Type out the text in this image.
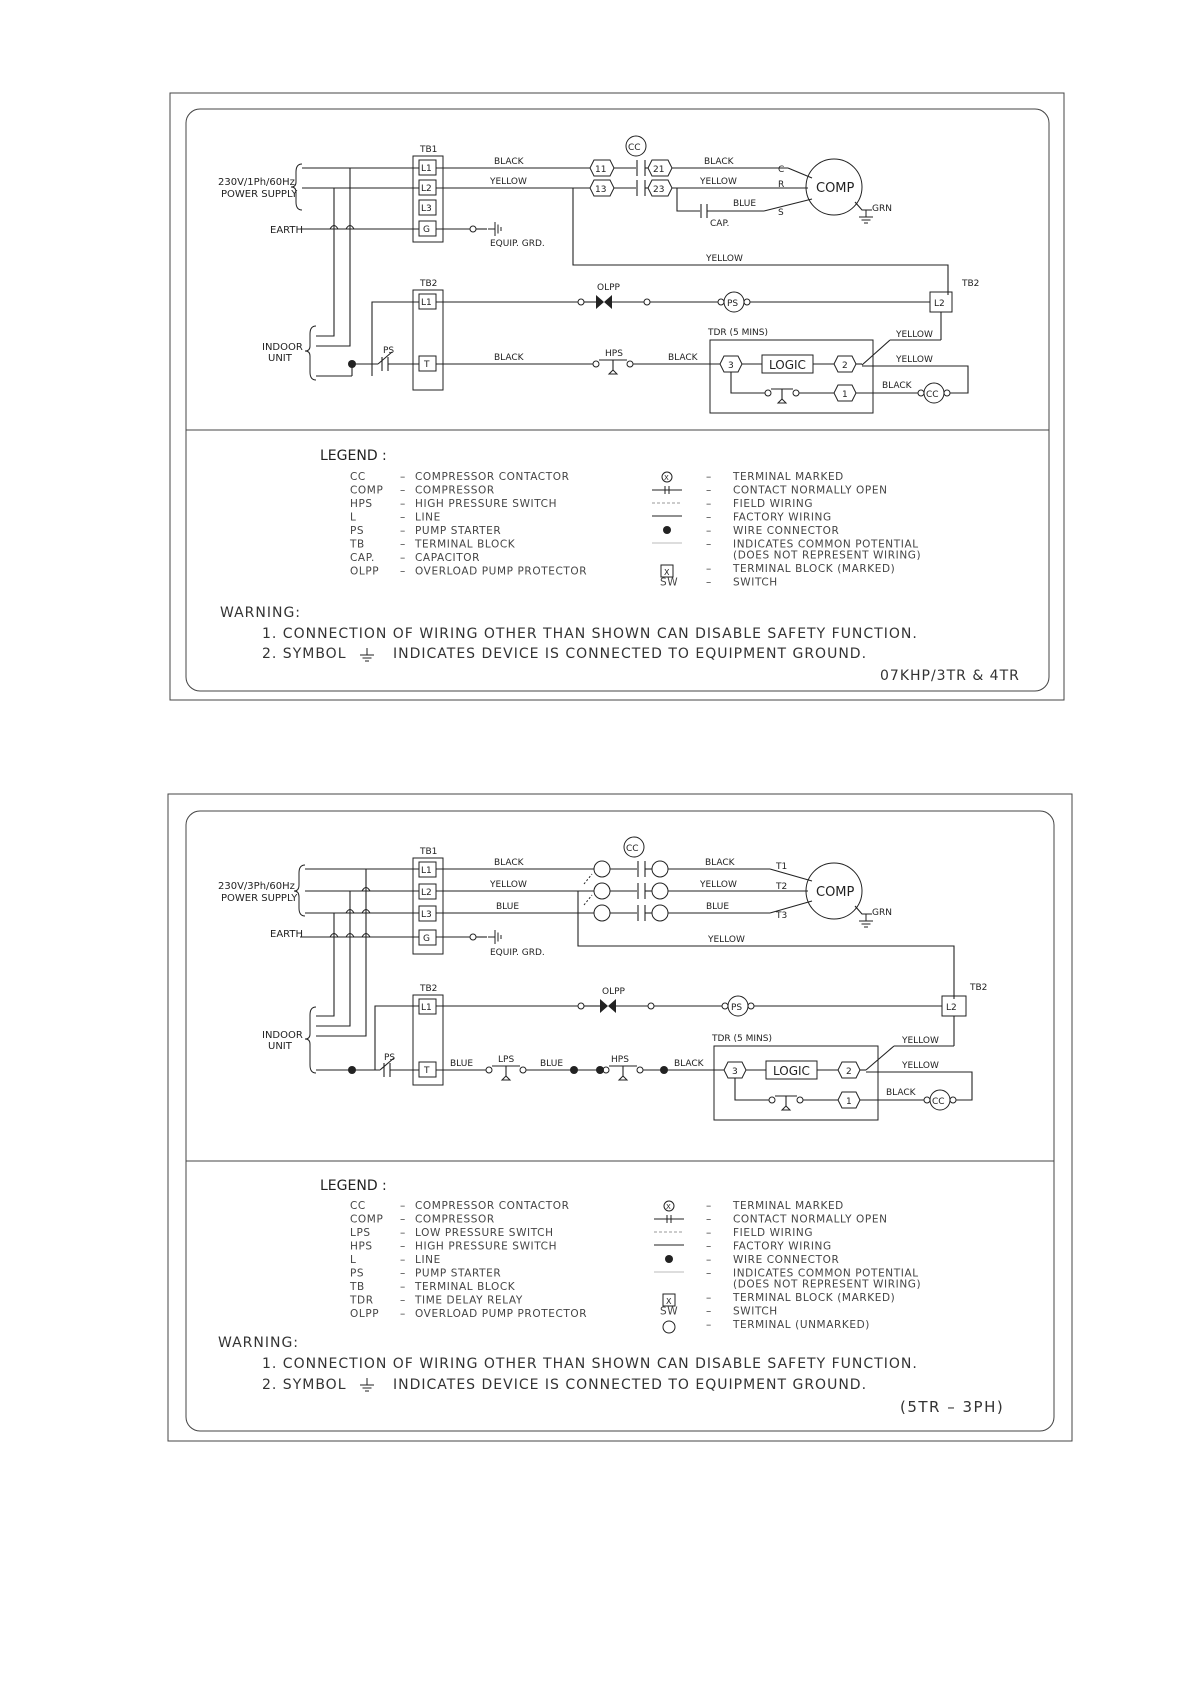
230V/1Ph/60Hz
POWER SUPPLY
EARTH
INDOOR
UNIT
TB1
L1
L2
L3
G
EQUIP. GRD.
CC
BLACK
11	21
BLACK
C
YELLOW
13	23
YELLOW	R
BLUE
CAP.
S
COMP
GRN
YELLOW
TB2
L1
T
OLPP
PS	L2
TB2
YELLOW
PS
BLACK	HPS	BLACK
TDR (5 MINS)
3	LOGIC	2
1
BLACK
CC
YELLOW
LEGEND :
CC	– COMPRESSOR CONTACTOR
COMP – COMPRESSOR
HPS	– HIGH PRESSURE SWITCH
L	– LINE
PS	– PUMP STARTER
TB	– TERMINAL BLOCK
CAP. – CAPACITOR
OLPP – OVERLOAD PUMP PROTECTOR
– TERMINAL MARKED
– CONTACT NORMALLY OPEN
– FIELD WIRING
– FACTORY WIRING
– WIRE CONNECTOR
– INDICATES COMMON POTENTIAL
(DOES NOT REPRESENT WIRING)
– TERMINAL BLOCK (MARKED)
SW	– SWITCH
X
X
WARNING:
1. CONNECTION OF WIRING OTHER THAN SHOWN CAN DISABLE SAFETY FUNCTION.
2. SYMBOL	INDICATES DEVICE IS CONNECTED TO EQUIPMENT GROUND.
07KHP/3TR & 4TR
230V/3Ph/60Hz
POWER SUPPLY
EARTH
INDOOR
UNIT
TB1
L1
L2
L3
G
EQUIP. GRD.
CC
BLACK
YELLOW
BLUE
BLACK
YELLOW
BLUE
T1
T2
T3
COMP
GRN
YELLOW
TB2
L1
T
OLPP
PS	L2
TB2
YELLOW
PS
BLUE	LPS	BLUE	HPS	BLACK
TDR (5 MINS)
3	LOGIC	2
1
BLACK
CC
YELLOW
LEGEND :
CC	– COMPRESSOR CONTACTOR
COMP – COMPRESSOR
LPS	– LOW PRESSURE SWITCH
HPS	– HIGH PRESSURE SWITCH
L	– LINE
PS	– PUMP STARTER
TB	– TERMINAL BLOCK
TDR	– TIME DELAY RELAY
OLPP – OVERLOAD PUMP PROTECTOR
– TERMINAL MARKED
– CONTACT NORMALLY OPEN
– FIELD WIRING
– FACTORY WIRING
– WIRE CONNECTOR
– INDICATES COMMON POTENTIAL
(DOES NOT REPRESENT WIRING)
– TERMINAL BLOCK (MARKED)
SW	– SWITCH
– TERMINAL (UNMARKED)
X
X
WARNING:
1. CONNECTION OF WIRING OTHER THAN SHOWN CAN DISABLE SAFETY FUNCTION.
2. SYMBOL	INDICATES DEVICE IS CONNECTED TO EQUIPMENT GROUND.
(5TR – 3PH)
